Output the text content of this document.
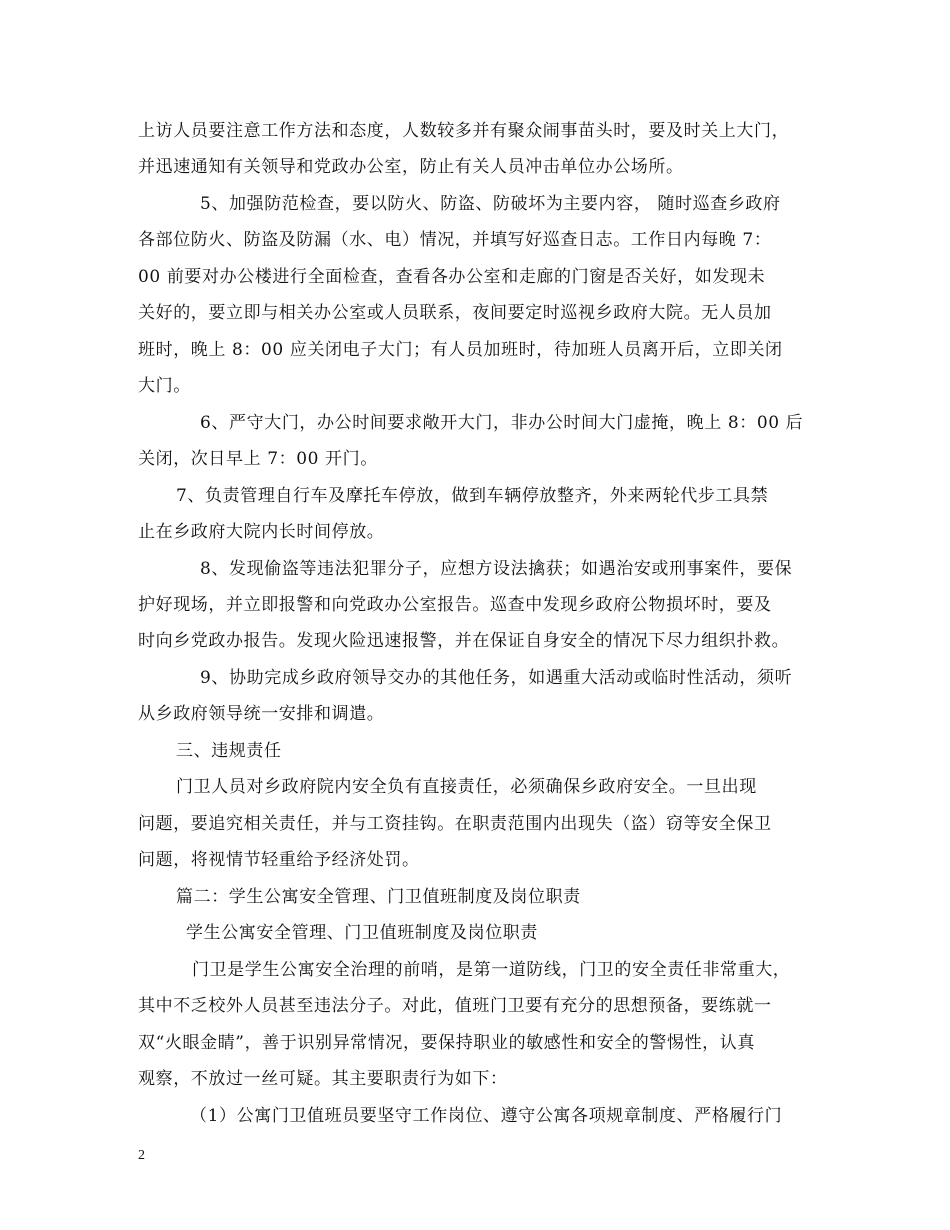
上访人员要注意工作方法和态度，人数较多并有聚众闹事苗头时，要及时关上大门，
并迅速通知有关领导和党政办公室，防止有关人员冲击单位办公场所。
5、加强防范检查，要以防火、防盗、防破坏为主要内容， 随时巡查乡政府
各部位防火、防盗及防漏（水、电）情况，并填写好巡查日志。工作日内每晚 7：
00 前要对办公楼进行全面检查，查看各办公室和走廊的门窗是否关好，如发现未
关好的，要立即与相关办公室或人员联系，夜间要定时巡视乡政府大院。无人员加
班时，晚上 8：00 应关闭电子大门；有人员加班时，待加班人员离开后，立即关闭
大门。
6、严守大门，办公时间要求敞开大门，非办公时间大门虚掩，晚上 8：00 后
关闭，次日早上 7：00 开门。
7、负责管理自行车及摩托车停放，做到车辆停放整齐，外来两轮代步工具禁
止在乡政府大院内长时间停放。
8、发现偷盗等违法犯罪分子，应想方设法擒获；如遇治安或刑事案件，要保
护好现场，并立即报警和向党政办公室报告。巡查中发现乡政府公物损坏时，要及
时向乡党政办报告。发现火险迅速报警，并在保证自身安全的情况下尽力组织扑救。
9、协助完成乡政府领导交办的其他任务，如遇重大活动或临时性活动，须听
从乡政府领导统一安排和调遣。
三、违规责任
门卫人员对乡政府院内安全负有直接责任，必须确保乡政府安全。一旦出现
问题，要追究相关责任，并与工资挂钩。在职责范围内出现失（盗）窃等安全保卫
问题，将视情节轻重给予经济处罚。
篇二：学生公寓安全管理、门卫值班制度及岗位职责
学生公寓安全管理、门卫值班制度及岗位职责
门卫是学生公寓安全治理的前哨，是第一道防线，门卫的安全责任非常重大，
其中不乏校外人员甚至违法分子。对此，值班门卫要有充分的思想预备，要练就一
双“火眼金睛”，善于识别异常情况，要保持职业的敏感性和安全的警惕性，认真
观察，不放过一丝可疑。其主要职责行为如下：
（1）公寓门卫值班员要坚守工作岗位、遵守公寓各项规章制度、严格履行门
2
